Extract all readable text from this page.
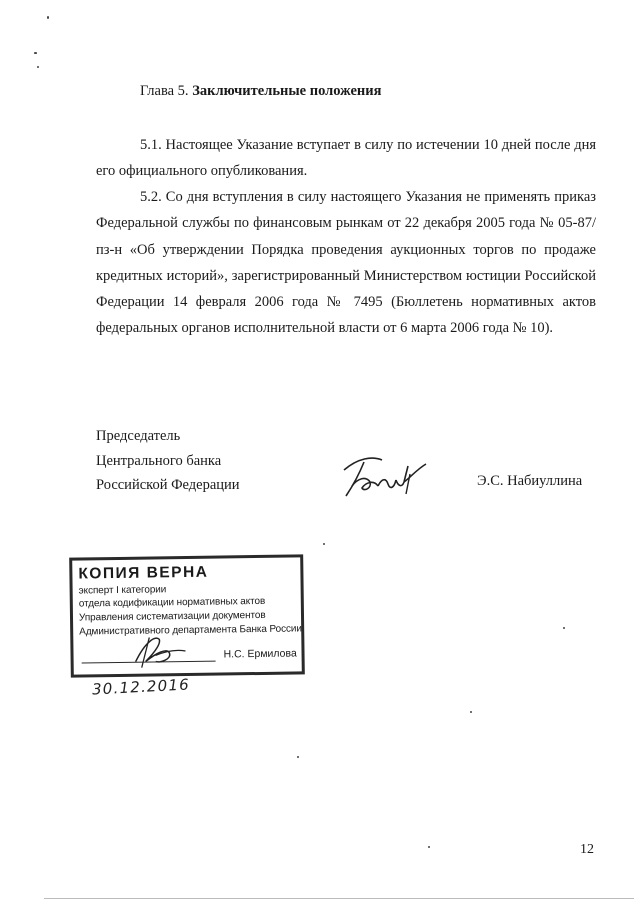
Глава 5. Заключительные положения
5.1. Настоящее Указание вступает в силу по истечении 10 дней после дня его официального опубликования.
5.2. Со дня вступления в силу настоящего Указания не применять приказ Федеральной службы по финансовым рынкам от 22 декабря 2005 года № 05-87/пз-н «Об утверждении Порядка проведения аукционных торгов по продаже кредитных историй», зарегистрированный Министерством юстиции Российской Федерации 14 февраля 2006 года № 7495 (Бюллетень нормативных актов федеральных органов исполнительной власти от 6 марта 2006 года № 10).
Председатель
Центрального банка
Российской Федерации	Э.С. Набиуллина
КОПИЯ ВЕРНА
эксперт I категории
отдела кодификации нормативных актов
Управления систематизации документов
Административного департамента Банка России
Н.С. Ермилова
30.12.2016
12
